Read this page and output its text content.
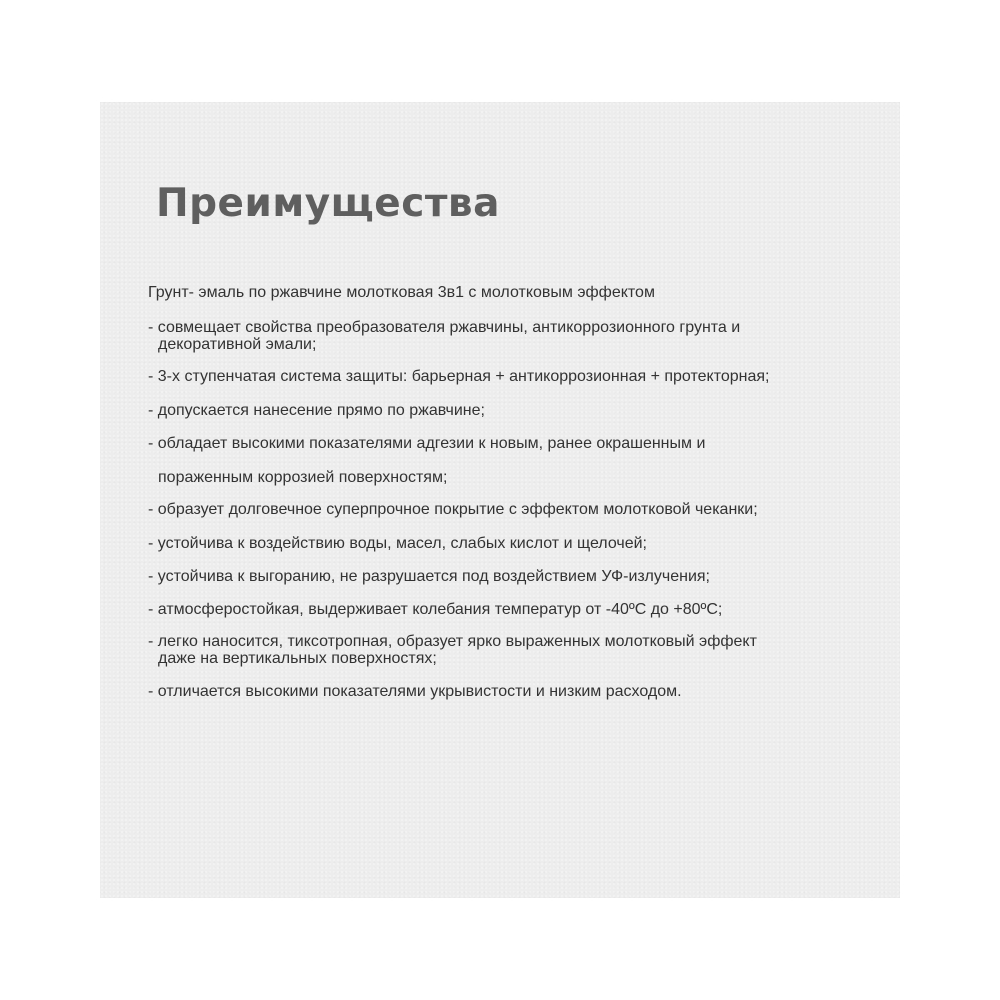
Преимущества

Грунт- эмаль по ржавчине молотковая 3в1 с молотковым эффектом

- совмещает свойства преобразователя ржавчины, антикоррозионного грунта и
декоративной эмали;
- 3-х ступенчатая система защиты: барьерная + антикоррозионная + протекторная;
- допускается нанесение прямо по ржавчине;
- обладает высокими показателями адгезии к новым, ранее окрашенным и
пораженным коррозией поверхностям;
- образует долговечное суперпрочное покрытие с эффектом молотковой чеканки;
- устойчива к воздействию воды, масел, слабых кислот и щелочей;
- устойчива к выгоранию, не разрушается под воздействием УФ-излучения;
- атмосферостойкая, выдерживает колебания температур от -40ºС до +80ºС;
- легко наносится, тиксотропная, образует ярко выраженных молотковый эффект
даже на вертикальных поверхностях;
- отличается высокими показателями укрывистости и низким расходом.
